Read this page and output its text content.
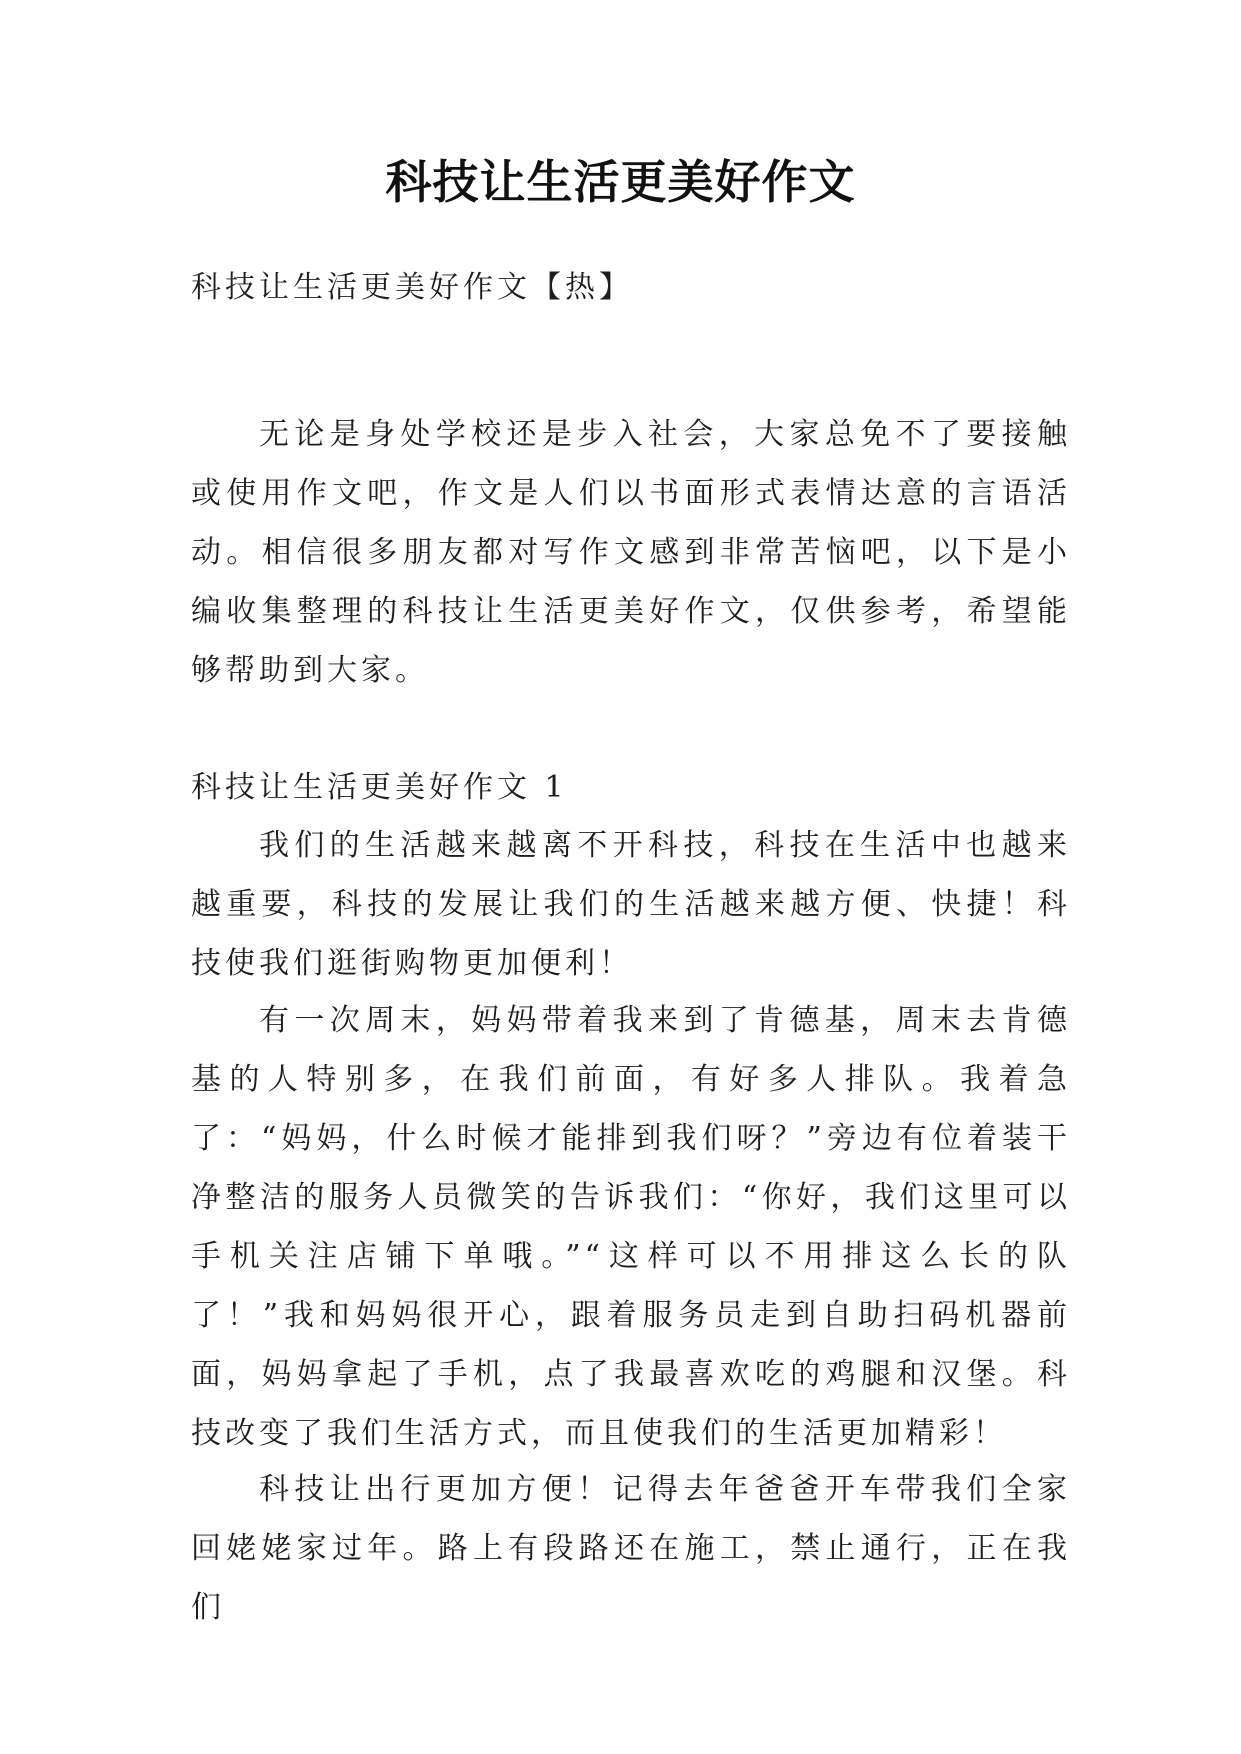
科技让生活更美好作文
科技让生活更美好作文【热】
无论是身处学校还是步入社会，大家总免不了要接触或使用作文吧，作文是人们以书面形式表情达意的言语活动。相信很多朋友都对写作文感到非常苦恼吧，以下是小编收集整理的科技让生活更美好作文，仅供参考，希望能够帮助到大家。
科技让生活更美好作文 1
我们的生活越来越离不开科技，科技在生活中也越来越重要，科技的发展让我们的生活越来越方便、快捷！科技使我们逛街购物更加便利！
有一次周末，妈妈带着我来到了肯德基，周末去肯德基的人特别多，在我们前面，有好多人排队。我着急了：“妈妈，什么时候才能排到我们呀？”旁边有位着装干净整洁的服务人员微笑的告诉我们：“你好，我们这里可以手机关注店铺下单哦。”“这样可以不用排这么长的队了！”我和妈妈很开心，跟着服务员走到自助扫码机器前面，妈妈拿起了手机，点了我最喜欢吃的鸡腿和汉堡。科技改变了我们生活方式，而且使我们的生活更加精彩！
科技让出行更加方便！记得去年爸爸开车带我们全家回姥姥家过年。路上有段路还在施工，禁止通行，正在我们
